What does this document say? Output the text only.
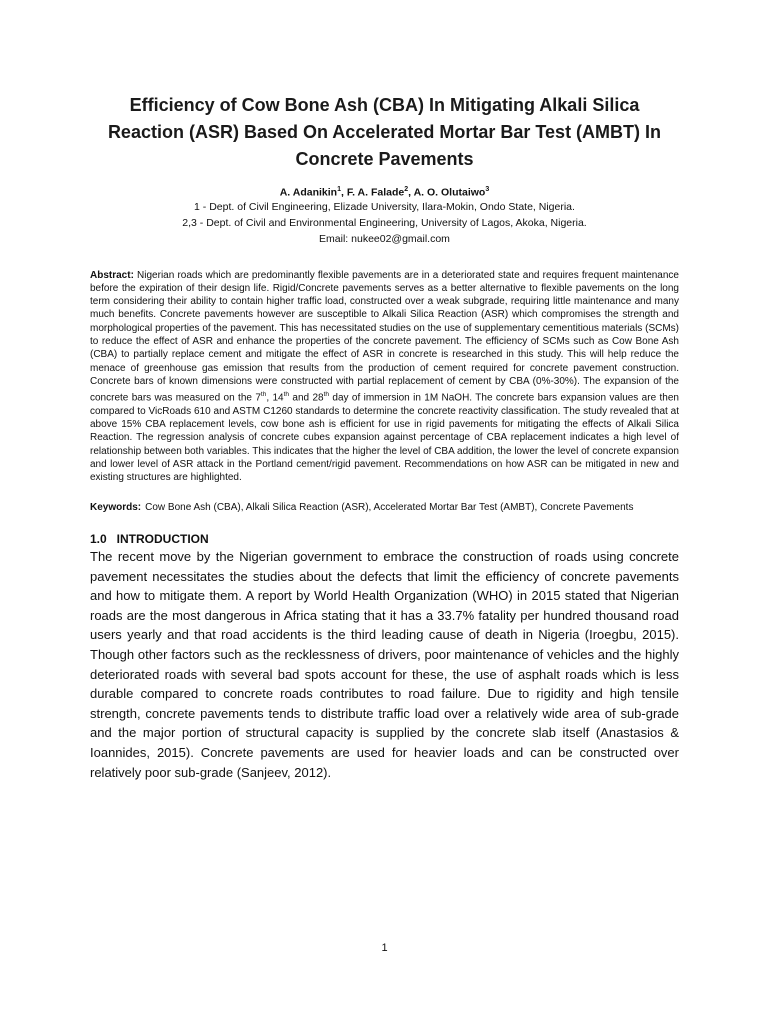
Efficiency of Cow Bone Ash (CBA) In Mitigating Alkali Silica Reaction (ASR) Based On Accelerated Mortar Bar Test (AMBT) In Concrete Pavements
A. Adanikin$^1$, F. A. Falade$^2$, A. O. Olutaiwo$^3$
1 - Dept. of Civil Engineering, Elizade University, Ilara-Mokin, Ondo State, Nigeria.
2,3 - Dept. of Civil and Environmental Engineering, University of Lagos, Akoka, Nigeria.
Email: nukee02@gmail.com
Abstract: Nigerian roads which are predominantly flexible pavements are in a deteriorated state and requires frequent maintenance before the expiration of their design life. Rigid/Concrete pavements serves as a better alternative to flexible pavements on the long term considering their ability to contain higher traffic load, constructed over a weak subgrade, requiring little maintenance and many much benefits. Concrete pavements however are susceptible to Alkali Silica Reaction (ASR) which compromises the strength and morphological properties of the pavement. This has necessitated studies on the use of supplementary cementitious materials (SCMs) to reduce the effect of ASR and enhance the properties of the concrete pavement. The efficiency of SCMs such as Cow Bone Ash (CBA) to partially replace cement and mitigate the effect of ASR in concrete is researched in this study. This will help reduce the menace of greenhouse gas emission that results from the production of cement required for concrete pavement construction. Concrete bars of known dimensions were constructed with partial replacement of cement by CBA (0%-30%). The expansion of the concrete bars was measured on the 7th, 14th and 28th day of immersion in 1M NaOH. The concrete bars expansion values are then compared to VicRoads 610 and ASTM C1260 standards to determine the concrete reactivity classification. The study revealed that at above 15% CBA replacement levels, cow bone ash is efficient for use in rigid pavements for mitigating the effects of Alkali Silica Reaction. The regression analysis of concrete cubes expansion against percentage of CBA replacement indicates a high level of relationship between both variables. This indicates that the higher the level of CBA addition, the lower the level of concrete expansion and lower level of ASR attack in the Portland cement/rigid pavement. Recommendations on how ASR can be mitigated in new and existing structures are highlighted.
Keywords: Cow Bone Ash (CBA), Alkali Silica Reaction (ASR), Accelerated Mortar Bar Test (AMBT), Concrete Pavements
1.0   INTRODUCTION
The recent move by the Nigerian government to embrace the construction of roads using concrete pavement necessitates the studies about the defects that limit the efficiency of concrete pavements and how to mitigate them. A report by World Health Organization (WHO) in 2015 stated that Nigerian roads are the most dangerous in Africa stating that it has a 33.7% fatality per hundred thousand road users yearly and that road accidents is the third leading cause of death in Nigeria (Iroegbu, 2015). Though other factors such as the recklessness of drivers, poor maintenance of vehicles and the highly deteriorated roads with several bad spots account for these, the use of asphalt roads which is less durable compared to concrete roads contributes to road failure. Due to rigidity and high tensile strength, concrete pavements tends to distribute traffic load over a relatively wide area of sub-grade and the major portion of structural capacity is supplied by the concrete slab itself (Anastasios & Ioannides, 2015). Concrete pavements are used for heavier loads and can be constructed over relatively poor sub-grade (Sanjeev, 2012).
1
